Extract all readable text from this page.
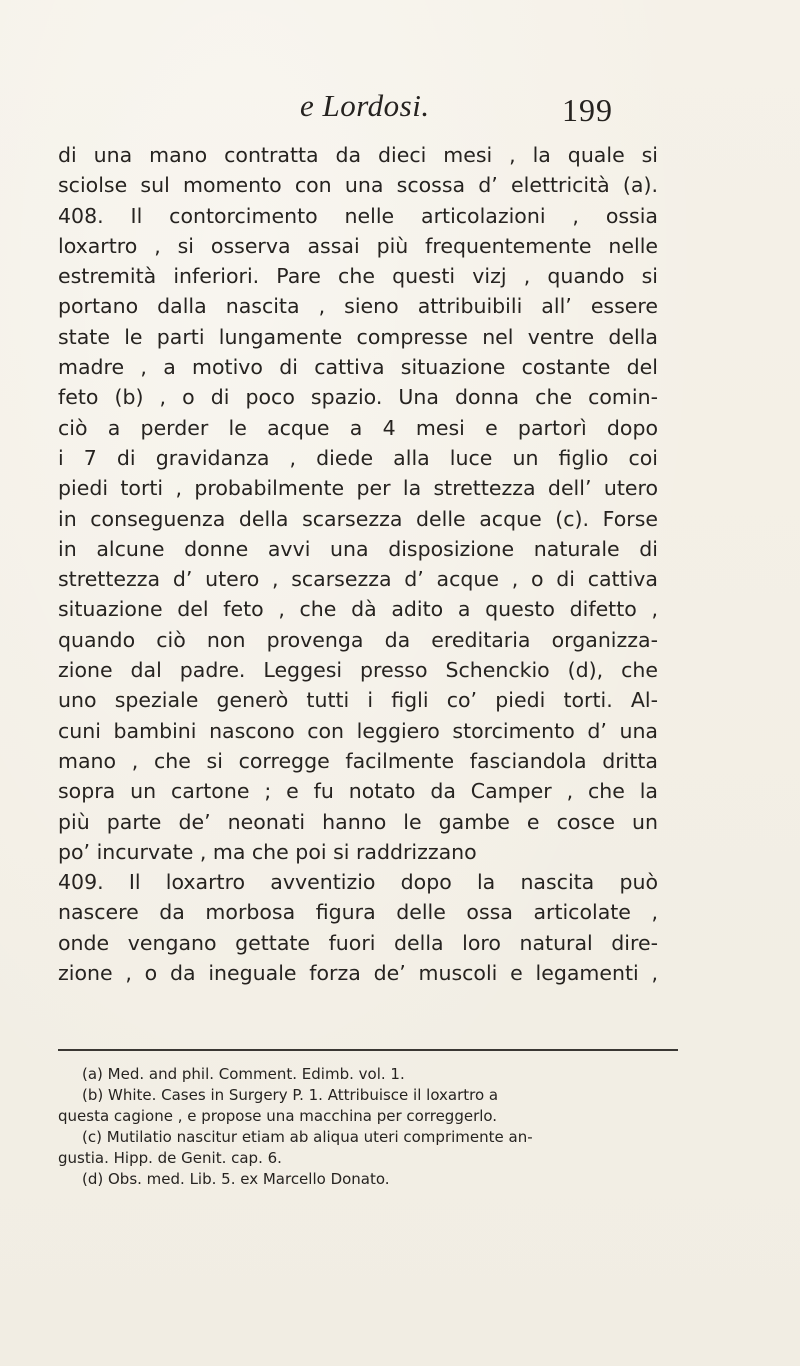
e Lordosi.	199
di una mano contratta da dieci mesi , la quale si
sciolse sul momento con una scossa d’ elettricità (a).
408. Il contorcimento nelle articolazioni , ossia
loxartro , si osserva assai più frequentemente nelle
estremità inferiori. Pare che questi vizj , quando si
portano dalla nascita , sieno attribuibili all’ essere
state le parti lungamente compresse nel ventre della
madre , a motivo di cattiva situazione costante del
feto (b) , o di poco spazio. Una donna che comin-
ciò a perder le acque a 4 mesi e partorì dopo
i 7 di gravidanza , diede alla luce un figlio coi
piedi torti , probabilmente per la strettezza dell’ utero
in conseguenza della scarsezza delle acque (c). Forse
in alcune donne avvi una disposizione naturale di
strettezza d’ utero , scarsezza d’ acque , o di cattiva
situazione del feto , che dà adito a questo difetto ,
quando ciò non provenga da ereditaria organizza-
zione dal padre. Leggesi presso Schenckio (d), che
uno speziale generò tutti i figli co’ piedi torti. Al-
cuni bambini nascono con leggiero storcimento d’ una
mano , che si corregge facilmente fasciandola dritta
sopra un cartone ; e fu notato da Camper , che la
più parte de’ neonati hanno le gambe e cosce un
po’ incurvate , ma che poi si raddrizzano
409. Il loxartro avventizio dopo la nascita può
nascere da morbosa figura delle ossa articolate ,
onde vengano gettate fuori della loro natural dire-
zione , o da ineguale forza de’ muscoli e legamenti ,
(a) Med. and phil. Comment. Edimb. vol. 1.
(b) White. Cases in Surgery P. 1. Attribuisce il loxartro a
questa cagione , e propose una macchina per correggerlo.
(c) Mutilatio nascitur etiam ab aliqua uteri comprimente an-
gustia. Hipp. de Genit. cap. 6.
(d) Obs. med. Lib. 5. ex Marcello Donato.
